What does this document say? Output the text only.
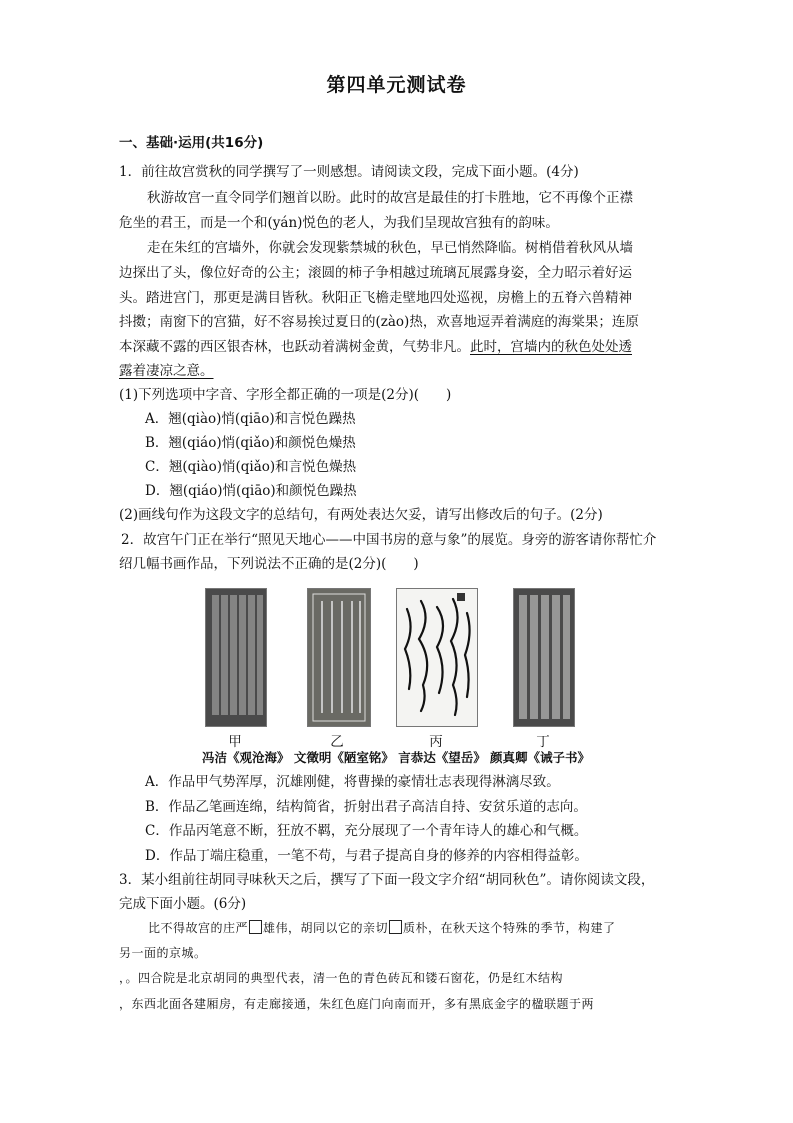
第四单元测试卷
一、基础·运用(共16分)
1．前往故宫赏秋的同学撰写了一则感想。请阅读文段，完成下面小题。(4分)
秋游故宫一直令同学们翘首以盼。此时的故宫是最佳的打卡胜地，它不再像个正襟
危坐的君王，而是一个和(yán)悦色的老人，为我们呈现故宫独有的韵味。
走在朱红的宫墙外，你就会发现紫禁城的秋色，早已悄然降临。树梢借着秋风从墙
边探出了头，像位好奇的公主；滚圆的柿子争相越过琉璃瓦展露身姿，全力昭示着好运
头。踏进宫门，那更是满目皆秋。秋阳正飞檐走壁地四处巡视，房檐上的五脊六兽精神
抖擞；南窗下的宫猫，好不容易挨过夏日的(zào)热，欢喜地逗弄着满庭的海棠果；连原
本深藏不露的西区银杏林，也跃动着满树金黄，气势非凡。此时，宫墙内的秋色处处透
露着凄凉之意。
(1)下列选项中字音、字形全都正确的一项是(2分)(　　)
A．翘(qiào)悄(qiāo)和言悦色躁热
B．翘(qiáo)悄(qiǎo)和颜悦色燥热
C．翘(qiào)悄(qiǎo)和言悦色燥热
D．翘(qiáo)悄(qiāo)和颜悦色躁热
(2)画线句作为这段文字的总结句，有两处表达欠妥，请写出修改后的句子。(2分)
2．故宫午门正在举行“照见天地心——中国书房的意与象”的展览。身旁的游客请你帮忙介
绍几幅书画作品，下列说法不正确的是(2分)(　　)
甲	乙	丙	丁
冯洁《观沧海》 文徵明《陋室铭》 言恭达《望岳》 颜真卿《诫子书》
A．作品甲气势浑厚，沉雄刚健，将曹操的豪情壮志表现得淋漓尽致。
B．作品乙笔画连绵，结构简省，折射出君子高洁自持、安贫乐道的志向。
C．作品丙笔意不断，狂放不羁，充分展现了一个青年诗人的雄心和气概。
D．作品丁端庄稳重，一笔不苟，与君子提高自身的修养的内容相得益彰。
3．某小组前往胡同寻味秋天之后，撰写了下面一段文字介绍“胡同秋色”。请你阅读文段，
完成下面小题。(6分)
比不得故宫的庄严 雄伟，胡同以它的亲切 质朴，在秋天这个特殊的季节，构建了
另一面的京城。
，。四合院是北京胡同的典型代表，清一色的青色砖瓦和镂石窗花，仍是红木结构
，东西北面各建厢房，有走廊接通，朱红色庭门向南而开，多有黑底金字的楹联题于两
